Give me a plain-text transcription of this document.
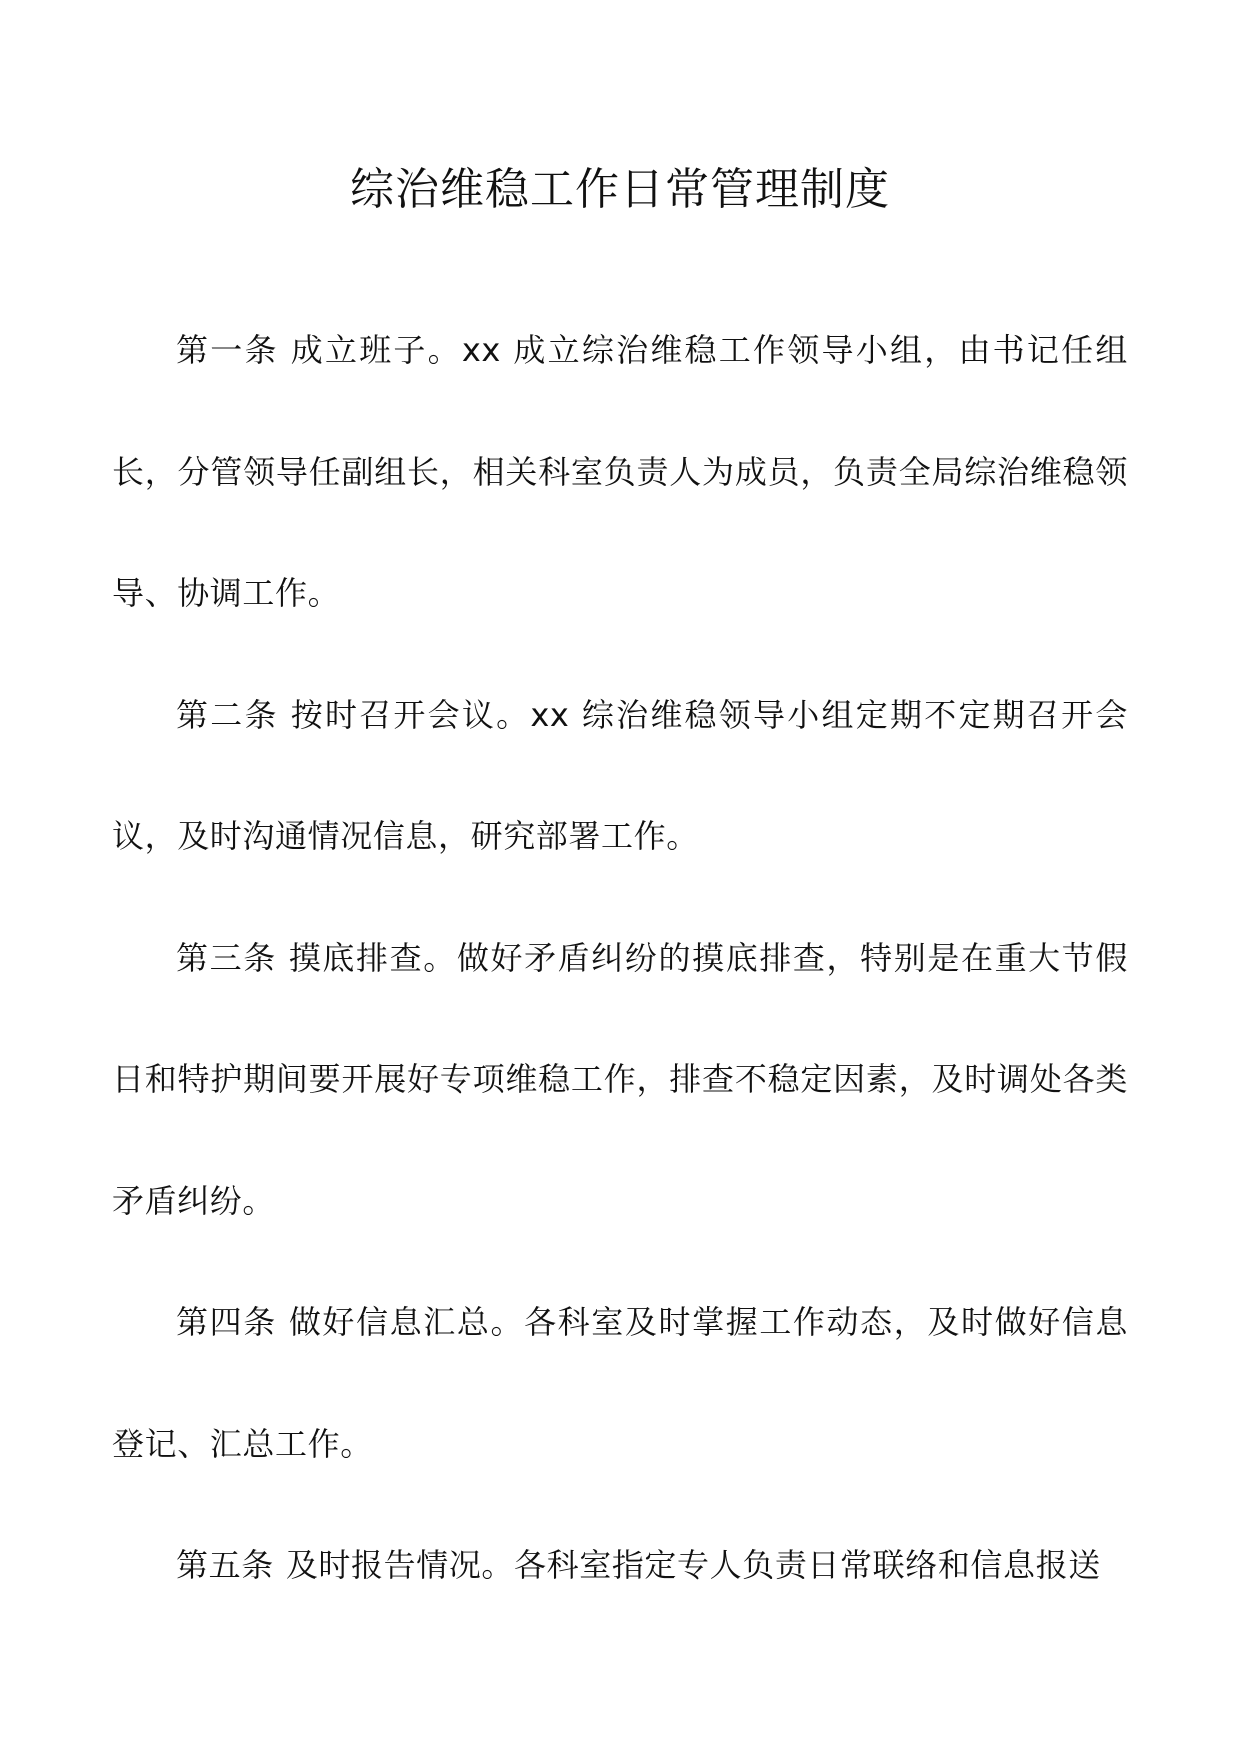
综治维稳工作日常管理制度

第一条 成立班子。xx 成立综治维稳工作领导小组，由书记任组长，分管领导任副组长，相关科室负责人为成员，负责全局综治维稳领导、协调工作。

第二条 按时召开会议。xx 综治维稳领导小组定期不定期召开会议，及时沟通情况信息，研究部署工作。

第三条 摸底排查。做好矛盾纠纷的摸底排查，特别是在重大节假日和特护期间要开展好专项维稳工作，排查不稳定因素，及时调处各类矛盾纠纷。

第四条 做好信息汇总。各科室及时掌握工作动态，及时做好信息登记、汇总工作。

第五条 及时报告情况。各科室指定专人负责日常联络和信息报送
